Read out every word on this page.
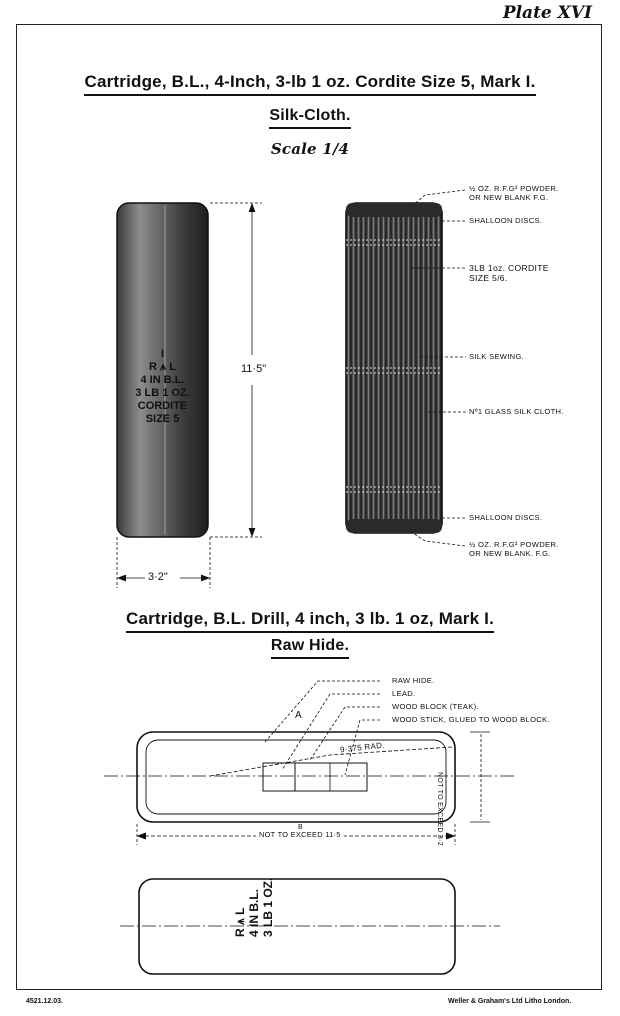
Plate XVI
Cartridge, B.L., 4-Inch, 3-lb 1 oz. Cordite Size 5, Mark I.
Silk-Cloth.
Scale 1/4
I
R ⩚ L
4 IN B.L.
3 LB 1 OZ.
CORDITE
SIZE 5
11·5"
3·2"
½ OZ. R.F.G² POWDER.
OR NEW BLANK F.G.
SHALLOON DISCS.
3LB 1oz. CORDITE
SIZE 5/6.
SILK SEWING.
Nº1 GLASS SILK CLOTH.
SHALLOON DISCS.
½ OZ. R.F.G² POWDER.
OR NEW BLANK. F.G.
Cartridge, B.L. Drill, 4 inch, 3 lb. 1 oz, Mark I.
Raw Hide.
RAW HIDE.
LEAD.
WOOD BLOCK (TEAK).
WOOD STICK, GLUED TO WOOD BLOCK.
A
9·375 RAD.
NOT TO EXCEED 11·5
B	NOT TO EXCEED 3·2
R ⩚ L 4 IN B.L. 3 LB 1 OZ.
4521.12.03.	Weller & Graham's Ltd Litho London.
